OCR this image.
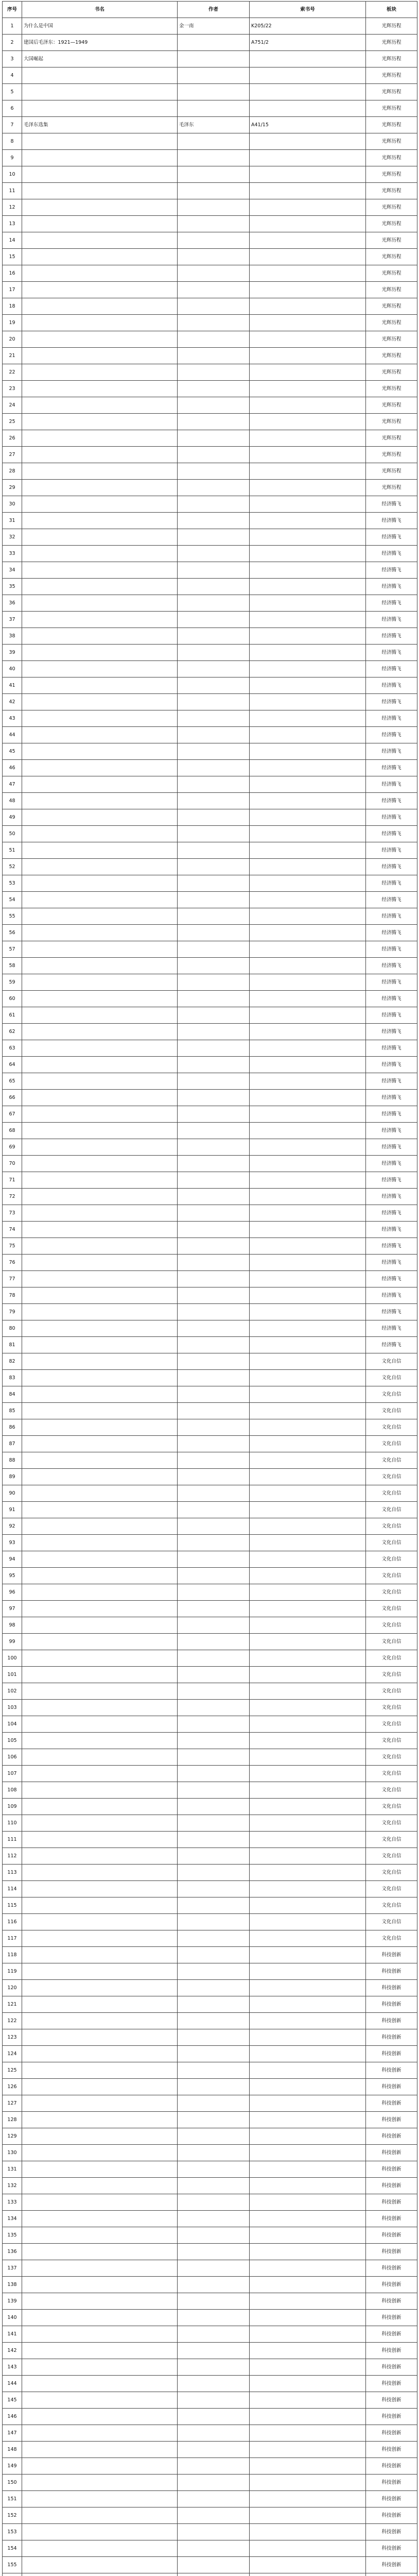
序号	书名	作者	索书号	板块
1	为什么是中国	金一南	K205/22	光辉历程
2	建国后毛泽东：1921—1949		A751/2	光辉历程
3	大国崛起			光辉历程
4				光辉历程
5				光辉历程
6				光辉历程
7	毛泽东选集	毛泽东	A41/15	光辉历程
8				光辉历程
9				光辉历程
10				光辉历程
11				光辉历程
12				光辉历程
13				光辉历程
14				光辉历程
15				光辉历程
16				光辉历程
17				光辉历程
18				光辉历程
19				光辉历程
20				光辉历程
21				光辉历程
22				光辉历程
23				光辉历程
24				光辉历程
25				光辉历程
26				光辉历程
27				光辉历程
28				光辉历程
29				光辉历程
30				经济腾飞
31				经济腾飞
32				经济腾飞
33				经济腾飞
34				经济腾飞
35				经济腾飞
36				经济腾飞
37				经济腾飞
38				经济腾飞
39				经济腾飞
40				经济腾飞
41				经济腾飞
42				经济腾飞
43				经济腾飞
44				经济腾飞
45				经济腾飞
46				经济腾飞
47				经济腾飞
48				经济腾飞
49				经济腾飞
50				经济腾飞
51				经济腾飞
52				经济腾飞
53				经济腾飞
54				经济腾飞
55				经济腾飞
56				经济腾飞
57				经济腾飞
58				经济腾飞
59				经济腾飞
60				经济腾飞
61				经济腾飞
62				经济腾飞
63				经济腾飞
64				经济腾飞
65				经济腾飞
66				经济腾飞
67				经济腾飞
68				经济腾飞
69				经济腾飞
70				经济腾飞
71				经济腾飞
72				经济腾飞
73				经济腾飞
74				经济腾飞
75				经济腾飞
76				经济腾飞
77				经济腾飞
78				经济腾飞
79				经济腾飞
80				经济腾飞
81				经济腾飞
82				文化自信
83				文化自信
84				文化自信
85				文化自信
86				文化自信
87				文化自信
88				文化自信
89				文化自信
90				文化自信
91				文化自信
92				文化自信
93				文化自信
94				文化自信
95				文化自信
96				文化自信
97				文化自信
98				文化自信
99				文化自信
100				文化自信
101				文化自信
102				文化自信
103				文化自信
104				文化自信
105				文化自信
106				文化自信
107				文化自信
108				文化自信
109				文化自信
110				文化自信
111				文化自信
112				文化自信
113				文化自信
114				文化自信
115				文化自信
116				文化自信
117				文化自信
118				科技创新
119				科技创新
120				科技创新
121				科技创新
122				科技创新
123				科技创新
124				科技创新
125				科技创新
126				科技创新
127				科技创新
128				科技创新
129				科技创新
130				科技创新
131				科技创新
132				科技创新
133				科技创新
134				科技创新
135				科技创新
136				科技创新
137				科技创新
138				科技创新
139				科技创新
140				科技创新
141				科技创新
142				科技创新
143				科技创新
144				科技创新
145				科技创新
146				科技创新
147				科技创新
148				科技创新
149				科技创新
150				科技创新
151				科技创新
152				科技创新
153				科技创新
154				科技创新
155				科技创新
